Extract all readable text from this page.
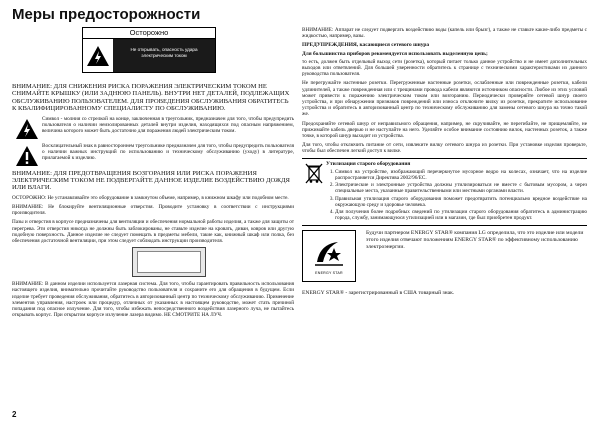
Меры предосторожности
Осторожно
Не открывать, опасность удара электрическим током

ВНИМАНИЕ: ДЛЯ СНИЖЕНИЯ РИСКА ПОРАЖЕНИЯ ЭЛЕКТРИЧЕСКИМ ТОКОМ НЕ СНИМАЙТЕ КРЫШКУ (ИЛИ ЗАДНЮЮ ПАНЕЛЬ). ВНУТРИ НЕТ ДЕТАЛЕЙ, ПОДЛЕЖАЩИХ ОБСЛУЖИВАНИЮ ПОЛЬЗОВАТЕЛЕМ. ДЛЯ ПРОВЕДЕНИЯ ОБСЛУЖИВАНИЯ ОБРАТИТЕСЬ К КВАЛИФИЦИРОВАННОМУ СПЕЦИАЛИСТУ ПО ОБСЛУЖИВАНИЮ.

Символ - молния со стрелкой на конце, заключенная в треугольник, предназначен для того, чтобы предупредить пользователя о наличии неизолированных деталей внутри изделия, находящихся под опасным напряжением, величина которого может быть достаточно для поражения людей электрическим током.

Восклицательный знак в равностороннем треугольнике предназначен для того, чтобы предупредить пользователя о наличии важных инструкций по использованию и техническому обслуживанию (уходу) в литературе, прилагаемой к изделию.

ВНИМАНИЕ: ДЛЯ ПРЕДОТВРАЩЕНИЯ ВОЗГОРАНИЯ ИЛИ РИСКА ПОРАЖЕНИЯ ЭЛЕКТРИЧЕСКИМ ТОКОМ НЕ ПОДВЕРГАЙТЕ ДАННОЕ ИЗДЕЛИЕ ВОЗДЕЙСТВИЮ ДОЖДЯ ИЛИ ВЛАГИ.

ОСТОРОЖНО: Не устанавливайте это оборудование в замкнутом объеме, например, в книжном шкафу или подобном месте.

ВНИМАНИЕ: Не блокируйте вентиляционные отверстия. Проводите установку в соответствии с инструкциями производителя.

Пазы и отверстия в корпусе предназначены для вентиляции и обеспечения нормальной работы изделия, а также для защиты от перегрева. Эти отверстия никогда не должны быть заблокированы, не ставьте изделие на кровать, диван, ковров или другую подобную поверхность. Данное изделие не следует помещать в предметы мебели, такие как, книжный шкаф или полка, без обеспечения достаточной вентиляции, при этом следует соблюдать инструкции производителя.

ВНИМАНИЕ: В данном изделии используется лазерная система. Для того, чтобы гарантировать правильность использования настоящего изделия, внимательно прочитайте руководство пользователя и сохраните его для обращения в будущем. Если изделие требует проведения обслуживания, обратитесь в авторизованный центр по техническому обслуживанию. Применение элементов управления, настроек или процедур, отличных от указанных в настоящем руководстве, может стать причиной попадания под опасное излучение. Для того, чтобы избежать непосредственного воздействия лазерного луча, не пытайтесь открывать корпус. При открытом корпусе излучение лазера видимо. НЕ СМОТРИТЕ НА ЛУЧ.

ВНИМАНИЕ: Аппарат не следует подвергать воздействию воды (капель или брызг), а также не ставьте какие-либо предметы с жидкостью, например, вазы.

ПРЕДУПРЕЖДЕНИЯ, касающиеся сетевого шнура
Для большинства приборов рекомендуется использовать выделенную цепь;

то есть, должен быть отдельный выход сети (розетка), который питает только данное устройство и не имеет дополнительных выходов или ответвлений. Для большей уверенности обратитесь к странице с техническими характеристиками из данного руководства пользователя.

Не перегружайте настенные розетки. Перегруженные настенные розетки, ослабленные или поврежденные розетки, кабели удлинителей, а также поврежденная или с трещинами провода кабели являются источником опасности. Любое из этих условий может привести к поражению электрическим током или возгоранию. Периодически проверяйте сетевой шнур своего устройства, и при обнаружении признаков повреждений или износа отключите вилку из розетки, прекратите использование устройства и обратитесь в авторизованный центр по техническому обслуживанию для замены сетевого шнура на точно такой же.

Предохраняйте сетевой шнур от неправильного обращения, например, не скручивайте, не перегибайте, не прищемляйте, не прижимайте кабель дверью и не наступайте на него. Уделяйте особое внимание состоянию вилок, настенных розеток, а также точке, в которой шнур выходит из устройства.

Для того, чтобы отключить питание от сети, извлеките вилку сетевого шнура из розетки. При установке изделия проверьте, чтобы был обеспечен легкий доступ к вилке.

Утилизация старого оборудования
1. Символ на устройстве, изображающий перечеркнутое мусорное ведро на колесах, означает, что на изделие распространяется Директива 2002/96/EC.
2. Электрические и электронные устройства должны утилизироваться не вместе с бытовым мусором, а через специальные места, указанные правительственными или местными органами власти.
3. Правильная утилизация старого оборудования поможет предотвратить потенциально вредное воздействие на окружающую среду и здоровье человека.
4. Для получения более подробных сведений по утилизации старого оборудования обратитесь в администрацию города, службу, занимающуюся утилизацией или в магазин, где был приобретен продукт.
ENERGY STAR
Будучи партнером ENERGY STAR® компания LG определила, что это изделие или модели этого изделия отвечают положениям ENERGY STAR® по эффективному использованию электроэнергии.
ENERGY STAR® - зарегистрированный в США товарный знак.
2
